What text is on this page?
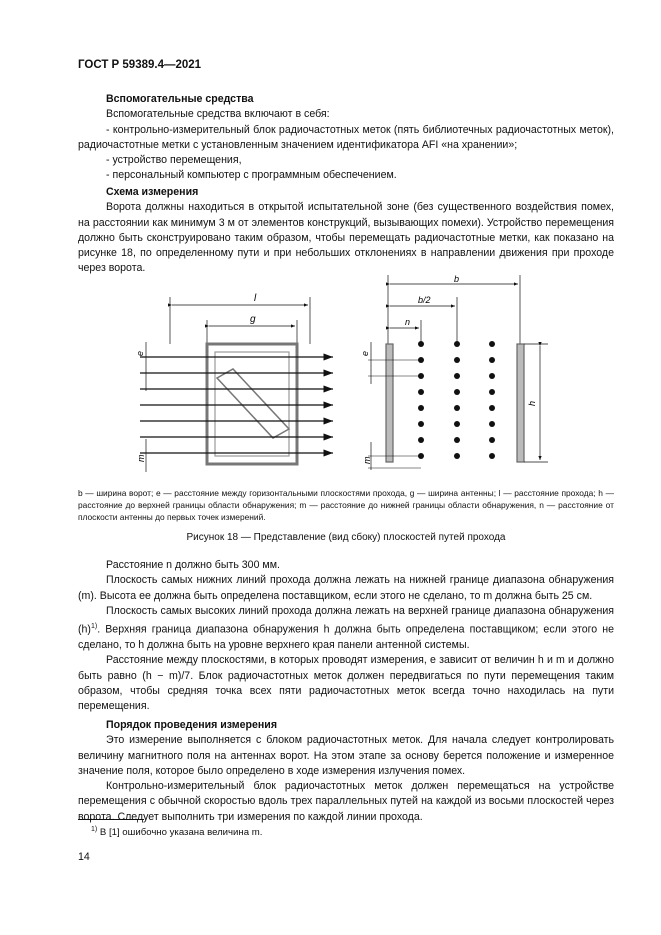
ГОСТ Р 59389.4—2021
Вспомогательные средства
Вспомогательные средства включают в себя:
- контрольно-измерительный блок радиочастотных меток (пять библиотечных радиочастотных меток), радиочастотные метки с установленным значением идентификатора AFI «на хранении»;
- устройство перемещения,
- персональный компьютер с программным обеспечением.
Схема измерения
Ворота должны находиться в открытой испытательной зоне (без существенного воздействия помех, на расстоянии как минимум 3 м от элементов конструкций, вызывающих помехи). Устройство перемещения должно быть сконструировано таким образом, чтобы перемещать радиочастотные метки, как показано на рисунке 18, по определенному пути и при небольших отклонениях в направлении движения при проходе через ворота.
l
g
e
m
b
b/2
n
e
m
h
b — ширина ворот; e — расстояние между горизонтальными плоскостями прохода, g — ширина антенны; l — расстояние прохода; h — расстояние до верхней границы области обнаружения; m — расстояние до нижней границы области обнаружения, n — расстояние от плоскости антенны до первых точек измерений.
Рисунок 18 — Представление (вид сбоку) плоскостей путей прохода
Расстояние n должно быть 300 мм.
Плоскость самых нижних линий прохода должна лежать на нижней границе диапазона обнаружения (m). Высота ее должна быть определена поставщиком, если этого не сделано, то m должна быть 25 см.
Плоскость самых высоких линий прохода должна лежать на верхней границе диапазона обнаружения $(h)^{1)}$. Верхняя граница диапазона обнаружения h должна быть определена поставщиком; если этого не сделано, то h должна быть на уровне верхнего края панели антенной системы.
Расстояние между плоскостями, в которых проводят измерения, e зависит от величин h и m и должно быть равно (h − m)/7. Блок радиочастотных меток должен передвигаться по пути перемещения таким образом, чтобы средняя точка всех пяти радиочастотных меток всегда точно находилась на пути перемещения.
Порядок проведения измерения
Это измерение выполняется с блоком радиочастотных меток. Для начала следует контролировать величину магнитного поля на антеннах ворот. На этом этапе за основу берется положение и измеренное значение поля, которое было определено в ходе измерения излучения помех.
Контрольно-измерительный блок радиочастотных меток должен перемещаться на устройстве перемещения с обычной скоростью вдоль трех параллельных путей на каждой из восьми плоскостей через ворота. Следует выполнить три измерения по каждой линии прохода.
$^{1)}$ В [1] ошибочно указана величина m.
14
